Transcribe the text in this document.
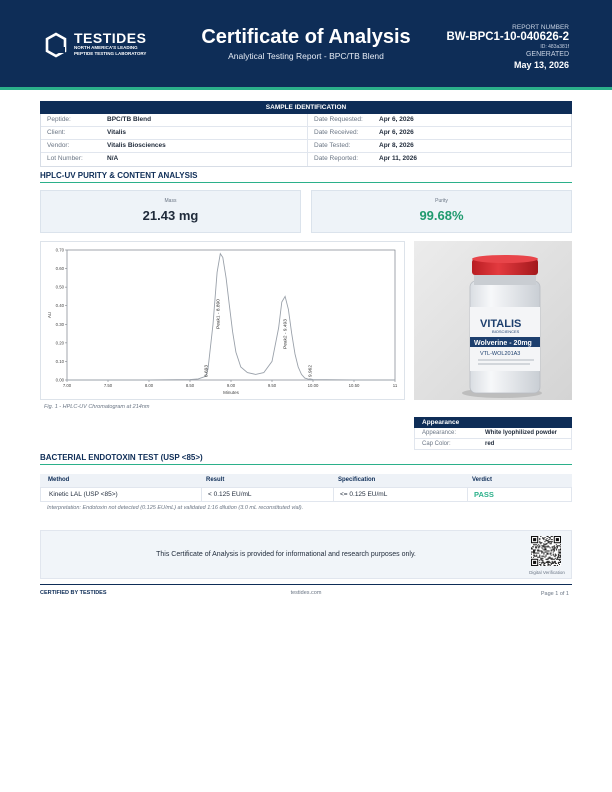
TESTIDES
NORTH AMERICA'S LEADING
PEPTIDE TESTING LABORATORY
Certificate of Analysis
Analytical Testing Report - BPC/TB Blend
REPORT NUMBER
BW-BPC1-10-040626-2
ID: 483a381f
GENERATED
May 13, 2026
SAMPLE IDENTIFICATION
Peptide:	BPC/TB Blend	Date Requested:	Apr 6, 2026
Client:	Vitalis	Date Received:	Apr 6, 2026
Vendor:	Vitalis Biosciences	Date Tested:	Apr 8, 2026
Lot Number:	N/A	Date Reported:	Apr 11, 2026
HPLC-UV PURITY & CONTENT ANALYSIS
Mass
21.43 mg
Purity
99.68%
0.00
0.10
0.20
0.30
0.40
0.50
0.60
0.70
7.00	7.50	8.00	8.50	9.00	9.50	10.00	10.50	11
Minutes
AU
8.693
Peak1 - 8.890
Peak2 - 9.493
9.962
Fig. 1 - HPLC-UV Chromatogram at 214nm
VITALIS
BIOSCIENCES
Wolverine - 20mg
VTL-WOL201A3
Appearance
Appearance:	White lyophilized powder
Cap Color:	red
BACTERIAL ENDOTOXIN TEST (USP <85>)
Method	Result	Specification	Verdict
Kinetic LAL (USP <85>)	< 0.125 EU/mL	<= 0.125 EU/mL	PASS
Interpretation: Endotoxin not detected (0.125 EU/mL) at validated 1:16 dilution (3.0 mL reconstituted vial).
This Certificate of Analysis is provided for informational and research purposes only.
Digital Verification
CERTIFIED BY TESTIDES	testides.com	Page 1 of 1
